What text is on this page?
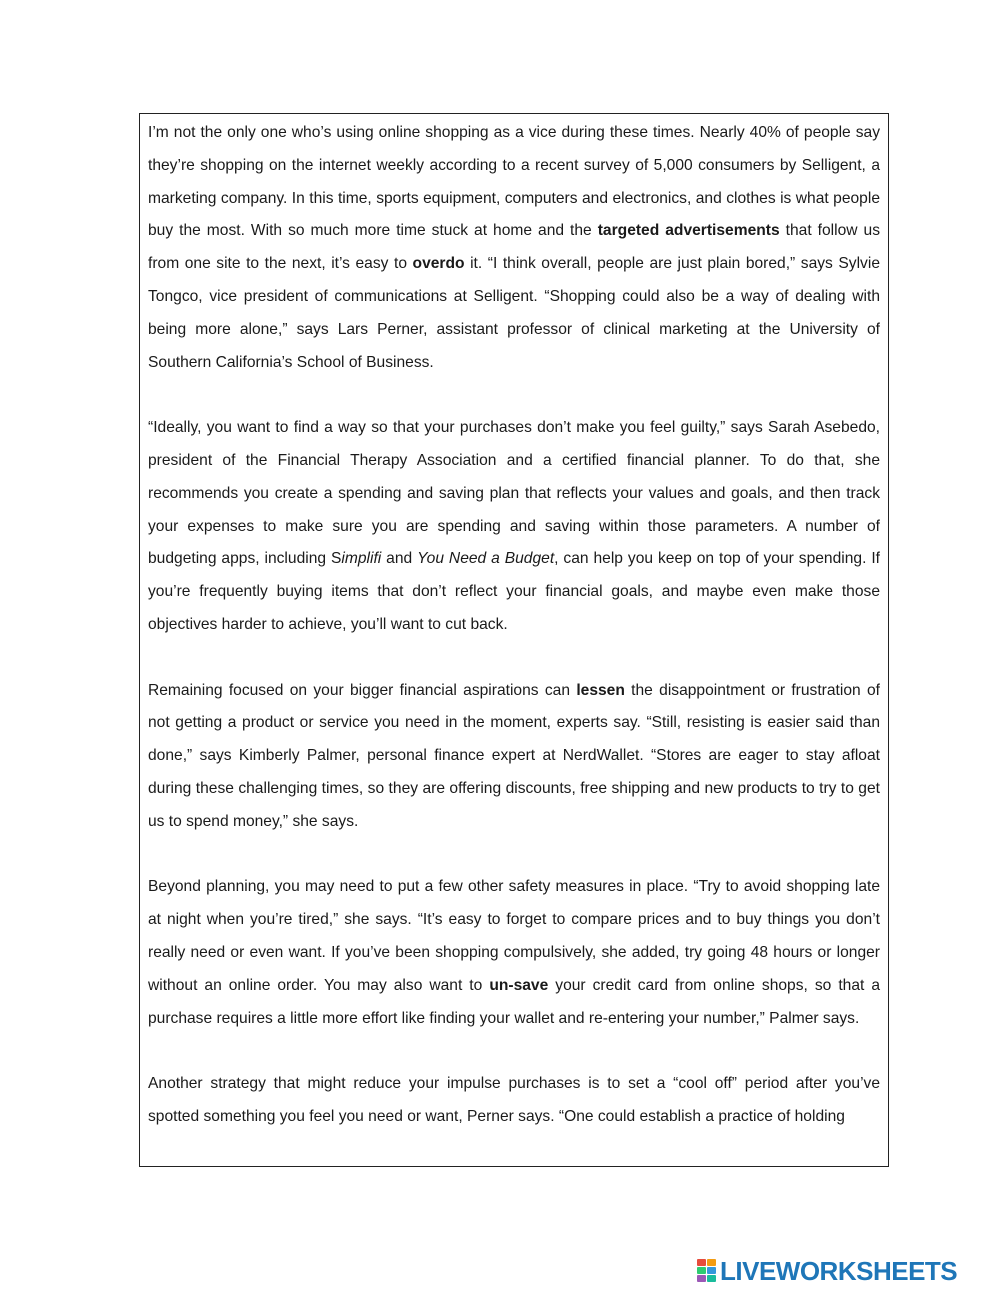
I’m not the only one who’s using online shopping as a vice during these times. Nearly 40% of people say they’re shopping on the internet weekly according to a recent survey of 5,000 consumers by Selligent, a marketing company. In this time, sports equipment, computers and electronics, and clothes is what people buy the most. With so much more time stuck at home and the targeted advertisements that follow us from one site to the next, it’s easy to overdo it. “I think overall, people are just plain bored,” says Sylvie Tongco, vice president of communications at Selligent. “Shopping could also be a way of dealing with being more alone,” says Lars Perner, assistant professor of clinical marketing at the University of Southern California’s School of Business.

“Ideally, you want to find a way so that your purchases don’t make you feel guilty,” says Sarah Asebedo, president of the Financial Therapy Association and a certified financial planner. To do that, she recommends you create a spending and saving plan that reflects your values and goals, and then track your expenses to make sure you are spending and saving within those parameters. A number of budgeting apps, including Simplifi and You Need a Budget, can help you keep on top of your spending. If you’re frequently buying items that don’t reflect your financial goals, and maybe even make those objectives harder to achieve, you’ll want to cut back.

Remaining focused on your bigger financial aspirations can lessen the disappointment or frustration of not getting a product or service you need in the moment, experts say. “Still, resisting is easier said than done,” says Kimberly Palmer, personal finance expert at NerdWallet. “Stores are eager to stay afloat during these challenging times, so they are offering discounts, free shipping and new products to try to get us to spend money,” she says.

Beyond planning, you may need to put a few other safety measures in place. “Try to avoid shopping late at night when you’re tired,” she says. “It’s easy to forget to compare prices and to buy things you don’t really need or even want. If you’ve been shopping compulsively, she added, try going 48 hours or longer without an online order. You may also want to un-save your credit card from online shops, so that a purchase requires a little more effort like finding your wallet and re-entering your number,” Palmer says.

Another strategy that might reduce your impulse purchases is to set a “cool off” period after you’ve spotted something you feel you need or want, Perner says. “One could establish a practice of holding

LIVEWORKSHEETS
